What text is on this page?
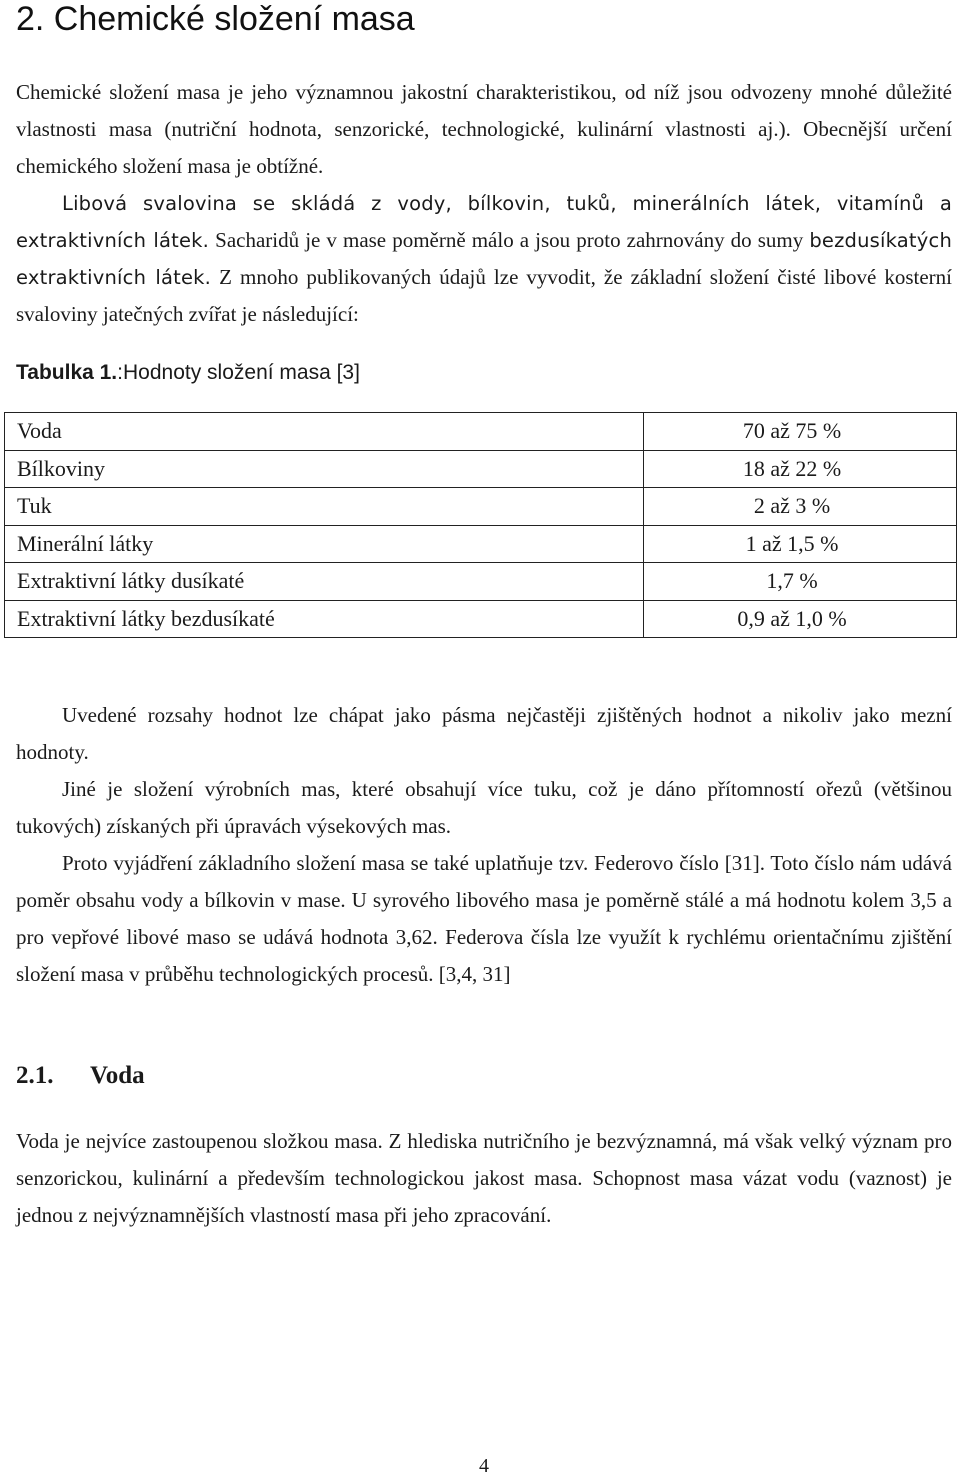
2. Chemické složení masa

Chemické složení masa je jeho významnou jakostní charakteristikou, od níž jsou odvozeny mnohé důležité vlastnosti masa (nutriční hodnota, senzorické, technologické, kulinární vlastnosti aj.). Obecnější určení chemického složení masa je obtížné.
Libová svalovina se skládá z vody, bílkovin, tuků, minerálních látek, vitamínů a extraktivních látek. Sacharidů je v mase poměrně málo a jsou proto zahrnovány do sumy bezdusíkatých extraktivních látek. Z mnoho publikovaných údajů lze vyvodit, že základní složení čisté libové kosterní svaloviny jatečných zvířat je následující:

Tabulka 1.:Hodnoty složení masa [3]

Voda	70 až 75 %
Bílkoviny	18 až 22 %
Tuk	2 až 3 %
Minerální látky	1 až 1,5 %
Extraktivní látky dusíkaté	1,7 %
Extraktivní látky bezdusíkaté	0,9 až 1,0 %

Uvedené rozsahy hodnot lze chápat jako pásma nejčastěji zjištěných hodnot a nikoliv jako mezní hodnoty.

Jiné je složení výrobních mas, které obsahují více tuku, což je dáno přítomností ořezů (většinou tukových) získaných při úpravách výsekových mas.

Proto vyjádření základního složení masa se také uplatňuje tzv. Federovo číslo [31]. Toto číslo nám udává poměr obsahu vody a bílkovin v mase. U syrového libového masa je poměrně stálé a má hodnotu kolem 3,5 a pro vepřové libové maso se udává hodnota 3,62. Federova čísla lze využít k rychlému orientačnímu zjištění složení masa v průběhu technologických procesů. [3,4, 31]

2.1. Voda

Voda je nejvíce zastoupenou složkou masa. Z hlediska nutričního je bezvýznamná, má však velký význam pro senzorickou, kulinární a především technologickou jakost masa. Schopnost masa vázat vodu (vaznost) je jednou z nejvýznamnějších vlastností masa při jeho zpracování.

4
